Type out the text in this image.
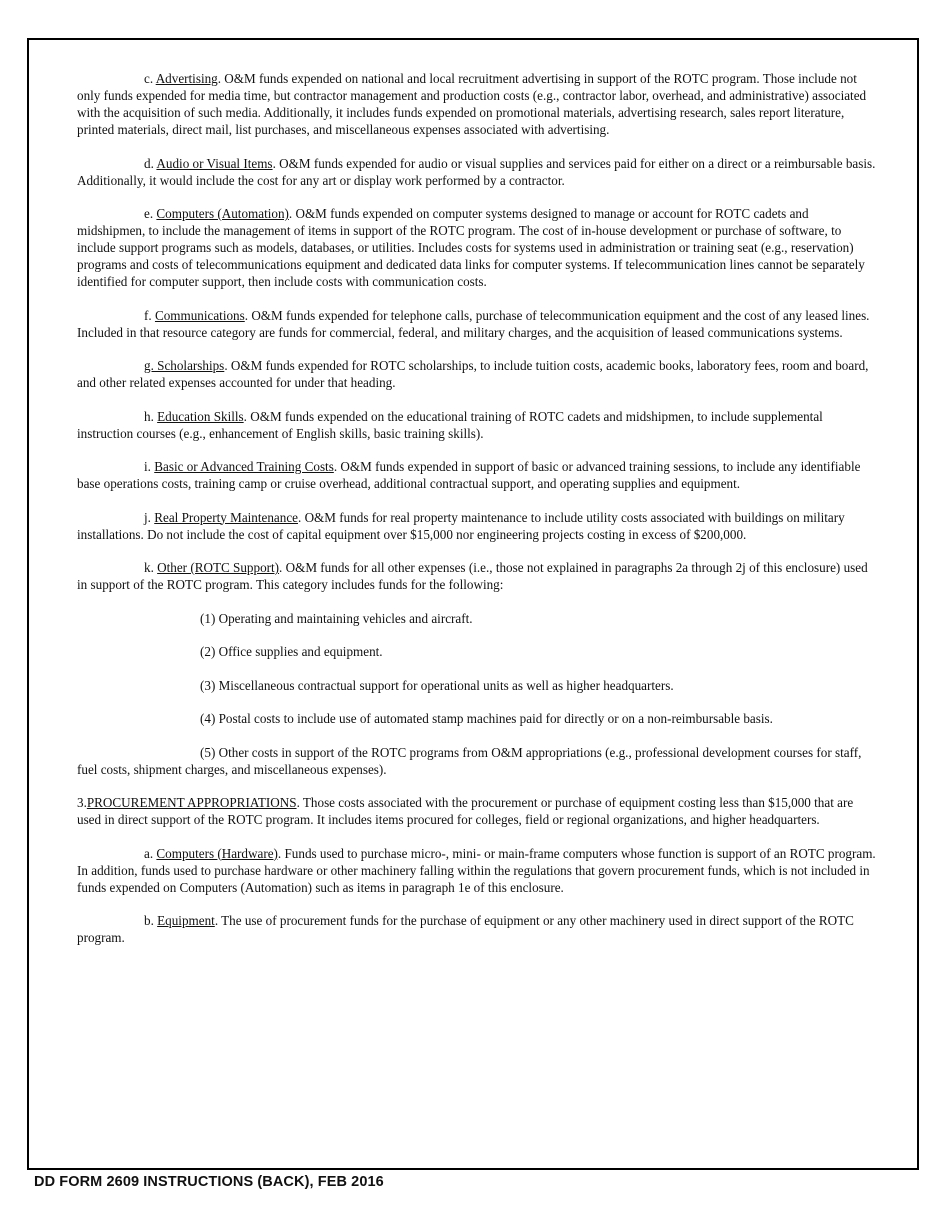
c. Advertising. O&M funds expended on national and local recruitment advertising in support of the ROTC program. Those include not only funds expended for media time, but contractor management and production costs (e.g., contractor labor, overhead, and administrative) associated with the acquisition of such media. Additionally, it includes funds expended on promotional materials, advertising research, sales report literature, printed materials, direct mail, list purchases, and miscellaneous expenses associated with advertising.

d. Audio or Visual Items. O&M funds expended for audio or visual supplies and services paid for either on a direct or a reimbursable basis. Additionally, it would include the cost for any art or display work performed by a contractor.

e. Computers (Automation). O&M funds expended on computer systems designed to manage or account for ROTC cadets and midshipmen, to include the management of items in support of the ROTC program. The cost of in-house development or purchase of software, to include support programs such as models, databases, or utilities. Includes costs for systems used in administration or training seat (e.g., reservation) programs and costs of telecommunications equipment and dedicated data links for computer systems. If telecommunication lines cannot be separately identified for computer support, then include costs with communication costs.

f. Communications. O&M funds expended for telephone calls, purchase of telecommunication equipment and the cost of any leased lines. Included in that resource category are funds for commercial, federal, and military charges, and the acquisition of leased communications systems.

g. Scholarships. O&M funds expended for ROTC scholarships, to include tuition costs, academic books, laboratory fees, room and board, and other related expenses accounted for under that heading.

h. Education Skills. O&M funds expended on the educational training of ROTC cadets and midshipmen, to include supplemental instruction courses (e.g., enhancement of English skills, basic training skills).

i. Basic or Advanced Training Costs. O&M funds expended in support of basic or advanced training sessions, to include any identifiable base operations costs, training camp or cruise overhead, additional contractual support, and operating supplies and equipment.

j. Real Property Maintenance. O&M funds for real property maintenance to include utility costs associated with buildings on military installations. Do not include the cost of capital equipment over $15,000 nor engineering projects costing in excess of $200,000.

k. Other (ROTC Support). O&M funds for all other expenses (i.e., those not explained in paragraphs 2a through 2j of this enclosure) used in support of the ROTC program. This category includes funds for the following:

(1) Operating and maintaining vehicles and aircraft.

(2) Office supplies and equipment.

(3) Miscellaneous contractual support for operational units as well as higher headquarters.

(4) Postal costs to include use of automated stamp machines paid for directly or on a non-reimbursable basis.

(5) Other costs in support of the ROTC programs from O&M appropriations (e.g., professional development courses for staff, fuel costs, shipment charges, and miscellaneous expenses).

3.PROCUREMENT APPROPRIATIONS. Those costs associated with the procurement or purchase of equipment costing less than $15,000 that are used in direct support of the ROTC program. It includes items procured for colleges, field or regional organizations, and higher headquarters.

a. Computers (Hardware). Funds used to purchase micro-, mini- or main-frame computers whose function is support of an ROTC program. In addition, funds used to purchase hardware or other machinery falling within the regulations that govern procurement funds, which is not included in funds expended on Computers (Automation) such as items in paragraph 1e of this enclosure.

b. Equipment. The use of procurement funds for the purchase of equipment or any other machinery used in direct support of the ROTC program.

DD FORM 2609 INSTRUCTIONS (BACK), FEB 2016
